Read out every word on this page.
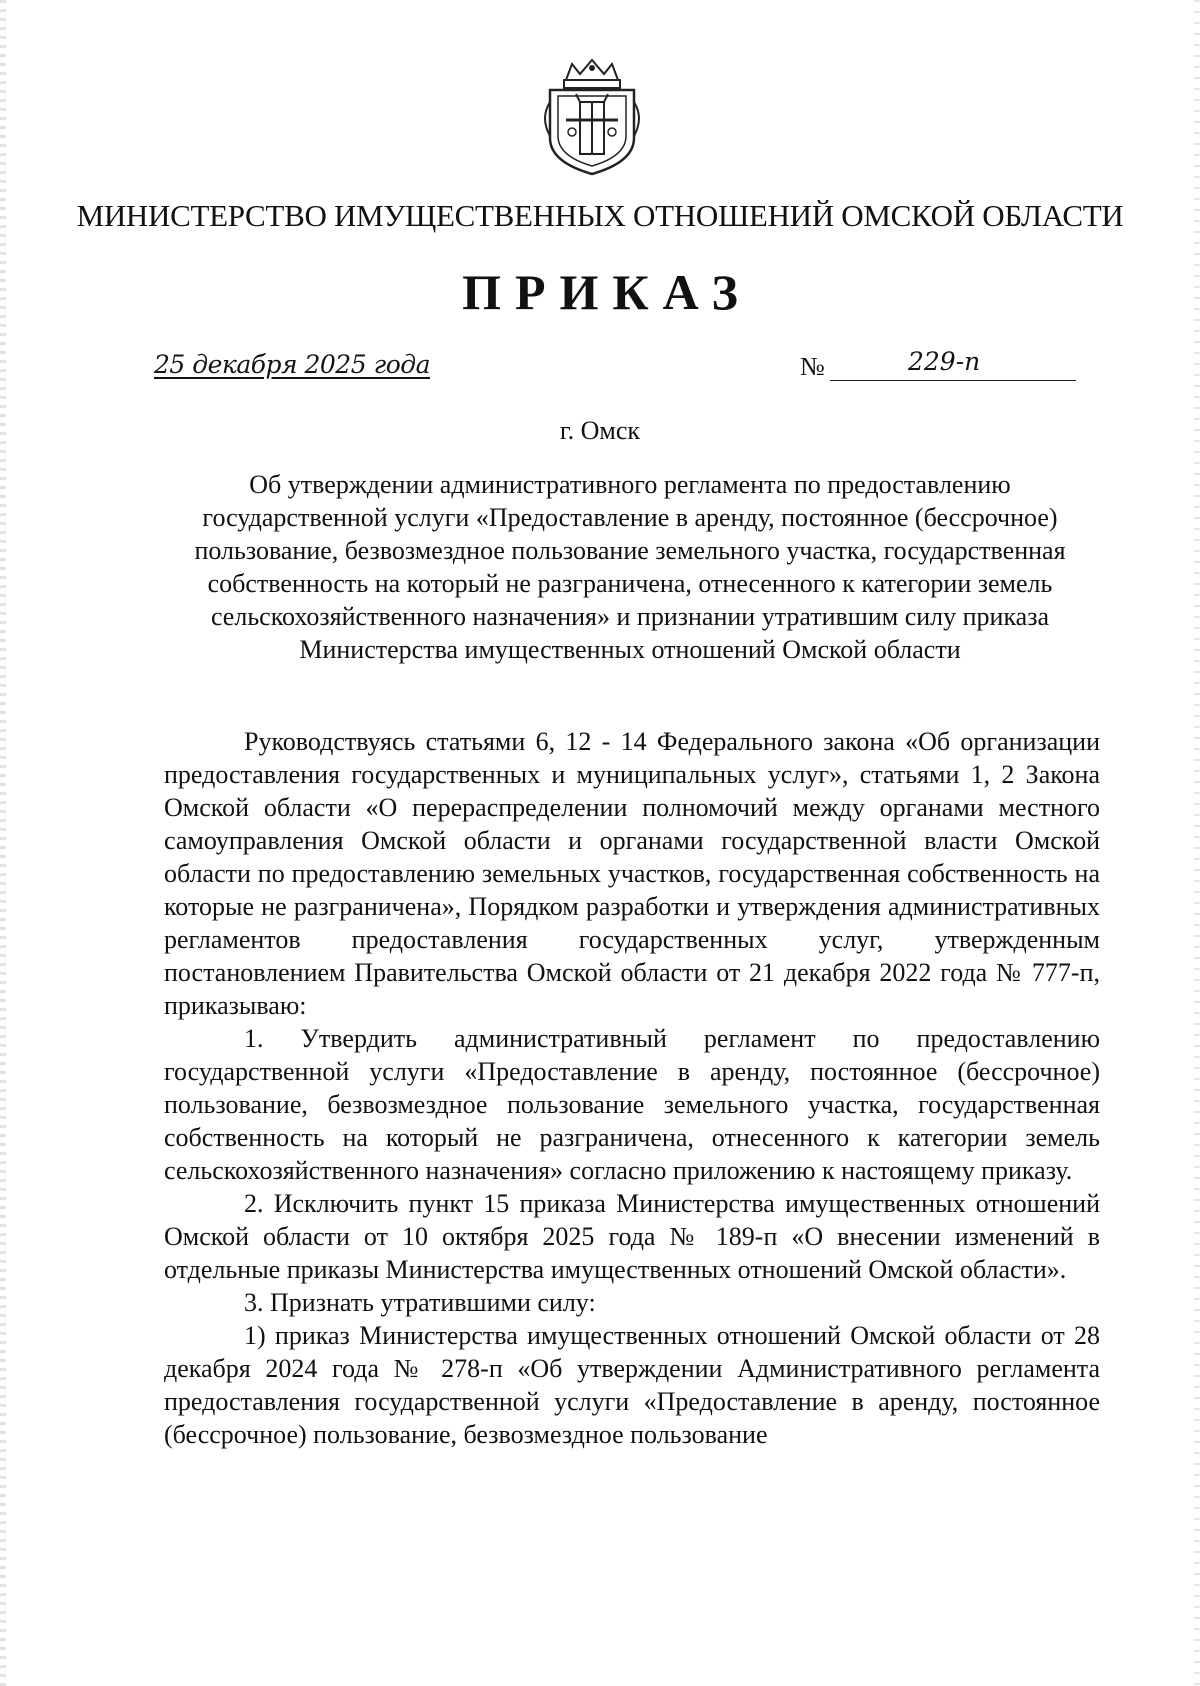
МИНИСТЕРСТВО ИМУЩЕСТВЕННЫХ ОТНОШЕНИЙ ОМСКОЙ ОБЛАСТИ
ПРИКАЗ
25 декабря 2025 года	№	229-п
г. Омск
Об утверждении административного регламента по предоставлению государственной услуги «Предоставление в аренду, постоянное (бессрочное) пользование, безвозмездное пользование земельного участка, государственная собственность на который не разграничена, отнесенного к категории земель сельскохозяйственного назначения» и признании утратившим силу приказа Министерства имущественных отношений Омской области

Руководствуясь статьями 6, 12 - 14 Федерального закона «Об организации предоставления государственных и муниципальных услуг», статьями 1, 2 Закона Омской области «О перераспределении полномочий между органами местного самоуправления Омской области и органами государственной власти Омской области по предоставлению земельных участков, государственная собственность на которые не разграничена», Порядком разработки и утверждения административных регламентов предоставления государственных услуг, утвержденным постановлением Правительства Омской области от 21 декабря 2022 года № 777-п, приказываю:

1. Утвердить административный регламент по предоставлению государственной услуги «Предоставление в аренду, постоянное (бессрочное) пользование, безвозмездное пользование земельного участка, государственная собственность на который не разграничена, отнесенного к категории земель сельскохозяйственного назначения» согласно приложению к настоящему приказу.

2. Исключить пункт 15 приказа Министерства имущественных отношений Омской области от 10 октября 2025 года № 189-п «О внесении изменений в отдельные приказы Министерства имущественных отношений Омской области».

3. Признать утратившими силу:

1) приказ Министерства имущественных отношений Омской области от 28 декабря 2024 года № 278-п «Об утверждении Административного регламента предоставления государственной услуги «Предоставление в аренду, постоянное (бессрочное) пользование, безвозмездное пользование
